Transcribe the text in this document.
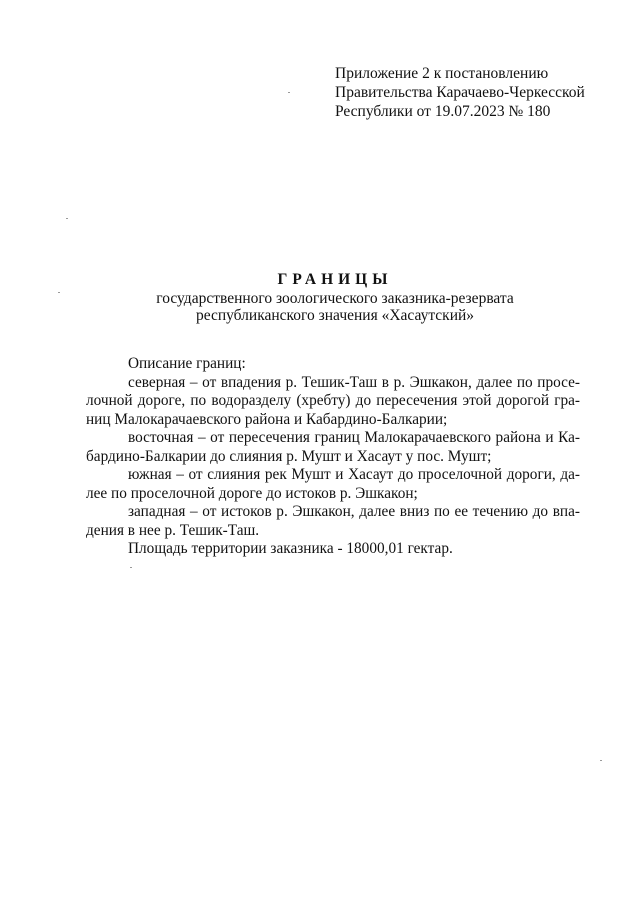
Приложение 2 к постановлению
Правительства Карачаево-Черкесской
Республики от 19.07.2023 № 180
ГРАНИЦЫ
государственного зоологического заказника-резервата
республиканского значения «Хасаутский»
Описание границ:
северная – от впадения р. Тешик-Таш в р. Эшкакон, далее по просе-
лочной дороге, по водоразделу (хребту) до пересечения этой дорогой гра-
ниц Малокарачаевского района и Кабардино-Балкарии;
восточная – от пересечения границ Малокарачаевского района и Ка-
бардино-Балкарии до слияния р. Мушт и Хасаут у пос. Мушт;
южная – от слияния рек Мушт и Хасаут до проселочной дороги, да-
лее по проселочной дороге до истоков р. Эшкакон;
западная – от истоков р. Эшкакон, далее вниз по ее течению до впа-
дения в нее р. Тешик-Таш.
Площадь территории заказника - 18000,01 гектар.
